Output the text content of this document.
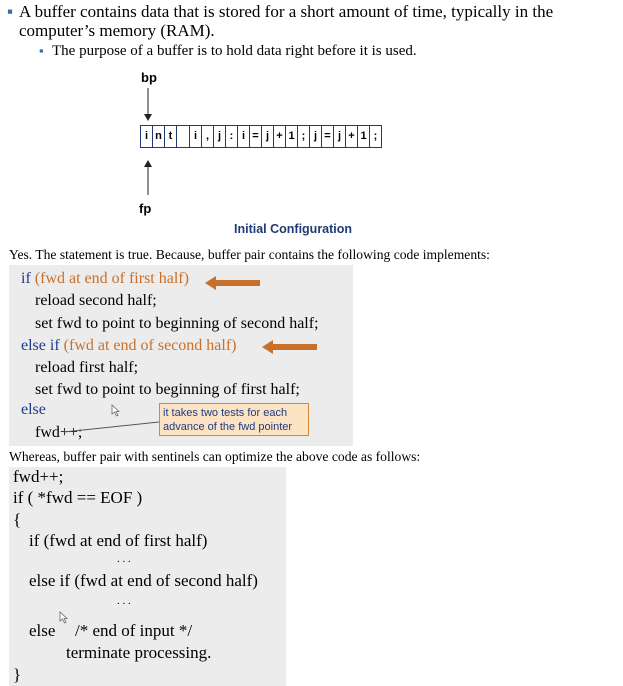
▪ A buffer contains data that is stored for a short amount of time, typically in the
computer’s memory (RAM).
▪ The purpose of a buffer is to hold data right before it is used.
bp
fp
i n t	i , j : i = j + 1 ; j = j + 1 ;
Initial Configuration
Yes. The statement is true. Because, buffer pair contains the following code implements:
if (fwd at end of first half)
reload second half;
set fwd to point to beginning of second half;
else if (fwd at end of second half)
reload first half;
set fwd to point to beginning of first half;
else
fwd++;
it takes two tests for each advance of the fwd pointer
Whereas, buffer pair with sentinels can optimize the above code as follows:
fwd++;
if ( *fwd == EOF )
{
if (fwd at end of first half)
. . .
else if (fwd at end of second half)
. . .
else /* end of input */
terminate processing.
}
